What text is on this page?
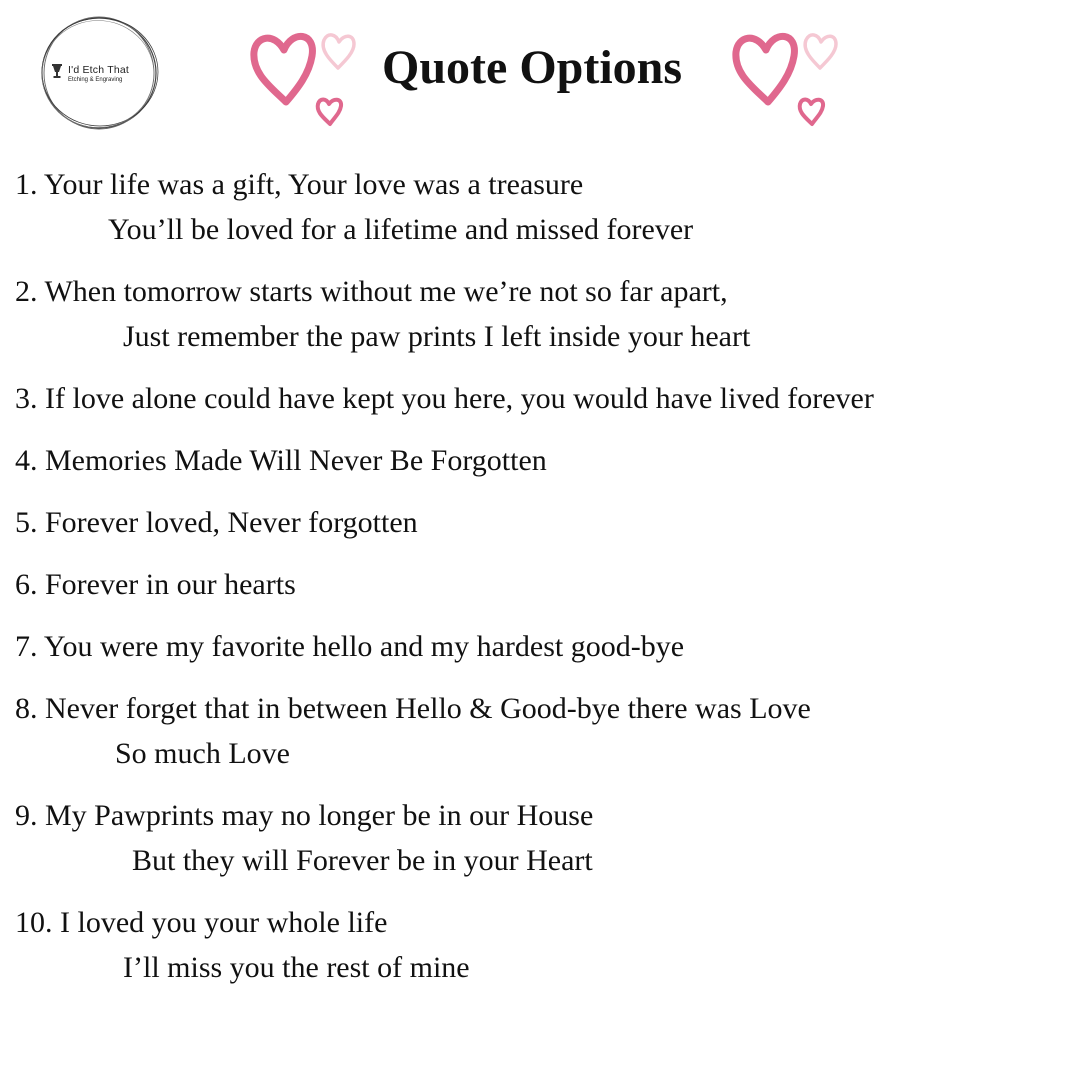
I'd Etch That
Etching & Engraving	Quote Options
1. Your life was a gift, Your love was a treasure
You’ll be loved for a lifetime and missed forever
2. When tomorrow starts without me we’re not so far apart,
Just remember the paw prints I left inside your heart
3. If love alone could have kept you here, you would have lived forever
4. Memories Made Will Never Be Forgotten
5. Forever loved, Never forgotten
6. Forever in our hearts
7. You were my favorite hello and my hardest good-bye
8. Never forget that in between Hello & Good-bye there was Love
So much Love
9. My Pawprints may no longer be in our House
But they will Forever be in your Heart
10. I loved you your whole life
I’ll miss you the rest of mine
